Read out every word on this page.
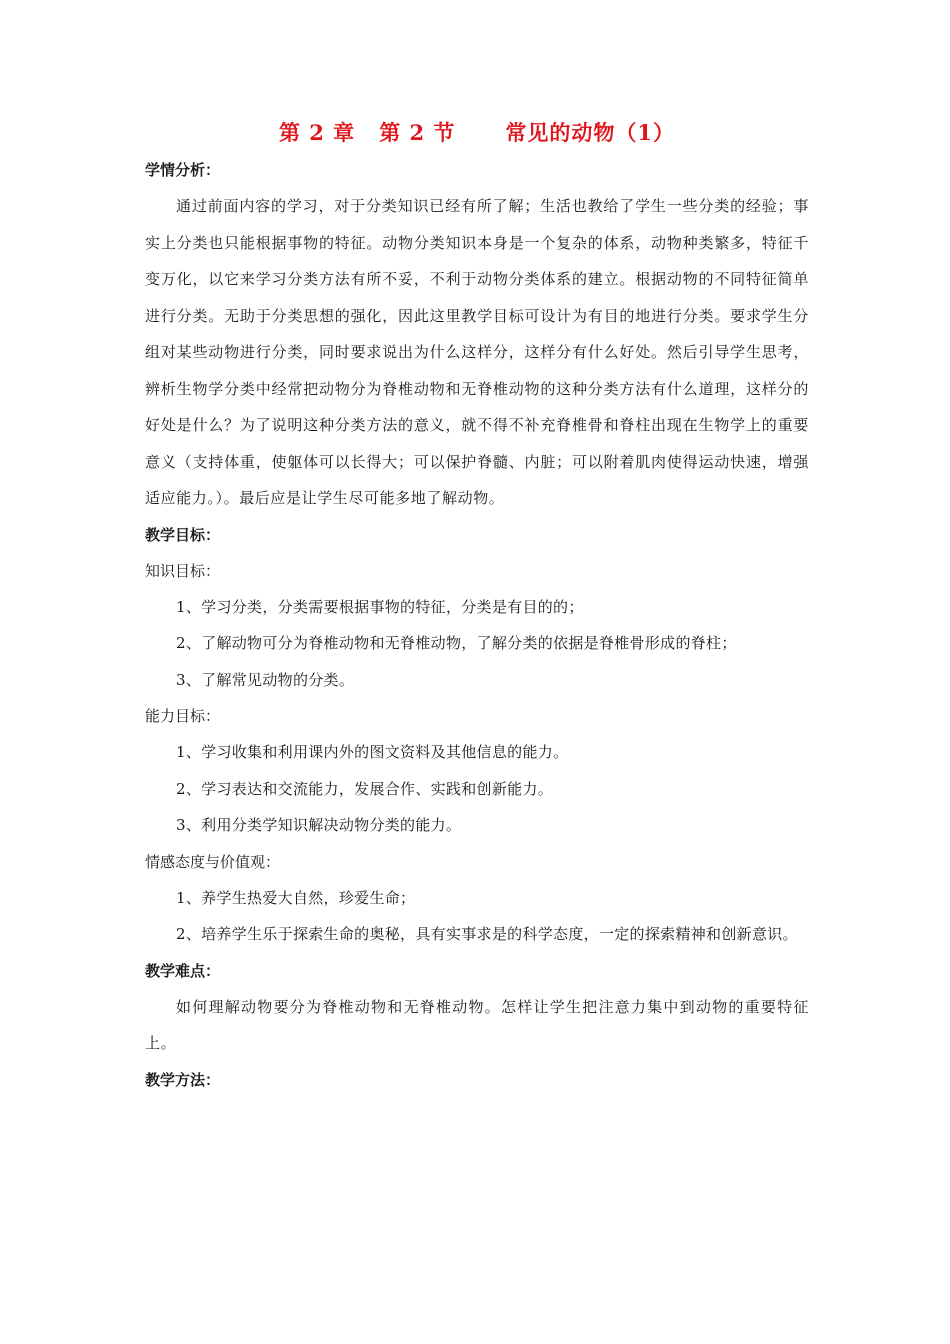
第 2 章 第 2 节 常见的动物（1）

学情分析：

通过前面内容的学习，对于分类知识已经有所了解；生活也教给了学生一些分类的经验；事实上分类也只能根据事物的特征。动物分类知识本身是一个复杂的体系，动物种类繁多，特征千变万化，以它来学习分类方法有所不妥，不利于动物分类体系的建立。根据动物的不同特征简单进行分类。无助于分类思想的强化，因此这里教学目标可设计为有目的地进行分类。要求学生分组对某些动物进行分类，同时要求说出为什么这样分，这样分有什么好处。然后引导学生思考，辨析生物学分类中经常把动物分为脊椎动物和无脊椎动物的这种分类方法有什么道理，这样分的好处是什么？为了说明这种分类方法的意义，就不得不补充脊椎骨和脊柱出现在生物学上的重要意义（支持体重，使躯体可以长得大；可以保护脊髓、内脏；可以附着肌肉使得运动快速，增强适应能力。）。最后应是让学生尽可能多地了解动物。

教学目标：

知识目标：

1、学习分类，分类需要根据事物的特征，分类是有目的的；

2、了解动物可分为脊椎动物和无脊椎动物，了解分类的依据是脊椎骨形成的脊柱；

3、了解常见动物的分类。

能力目标：

1、学习收集和利用课内外的图文资料及其他信息的能力。

2、学习表达和交流能力，发展合作、实践和创新能力。

3、利用分类学知识解决动物分类的能力。

情感态度与价值观：

1、养学生热爱大自然，珍爱生命；

2、培养学生乐于探索生命的奥秘，具有实事求是的科学态度，一定的探索精神和创新意识。

教学难点：

如何理解动物要分为脊椎动物和无脊椎动物。怎样让学生把注意力集中到动物的重要特征上。

教学方法：
